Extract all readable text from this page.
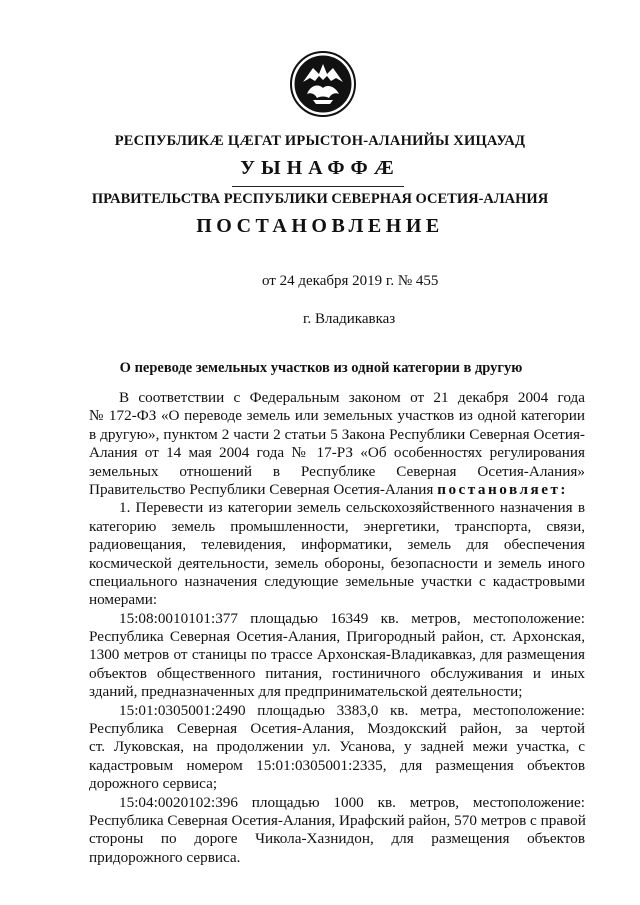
РЕСПУБЛИКÆ ЦÆГАТ ИРЫСТОН-АЛАНИЙЫ ХИЦАУАД
УЫНАФФÆ
ПРАВИТЕЛЬСТВА РЕСПУБЛИКИ СЕВЕРНАЯ ОСЕТИЯ-АЛАНИЯ
ПОСТАНОВЛЕНИЕ
от 24 декабря 2019 г. № 455
г. Владикавказ
О переводе земельных участков из одной категории в другую
В соответствии с Федеральным законом от 21 декабря 2004 года
№ 172-ФЗ «О переводе земель или земельных участков из одной категории
в другую», пунктом 2 части 2 статьи 5 Закона Республики Северная Осетия-
Алания от 14 мая 2004 года № 17-РЗ «Об особенностях регулирования
земельных отношений в Республике Северная Осетия-Алания»
Правительство Республики Северная Осетия-Алания постановляет:
1. Перевести из категории земель сельскохозяйственного назначения в
категорию земель промышленности, энергетики, транспорта, связи,
радиовещания, телевидения, информатики, земель для обеспечения
космической деятельности, земель обороны, безопасности и земель иного
специального назначения следующие земельные участки с кадастровыми
номерами:
15:08:0010101:377 площадью 16349 кв. метров, местоположение:
Республика Северная Осетия-Алания, Пригородный район, ст. Архонская,
1300 метров от станицы по трассе Архонская-Владикавказ, для размещения
объектов общественного питания, гостиничного обслуживания и иных
зданий, предназначенных для предпринимательской деятельности;
15:01:0305001:2490 площадью 3383,0 кв. метра, местоположение:
Республика Северная Осетия-Алания, Моздокский район, за чертой
ст. Луковская, на продолжении ул. Усанова, у задней межи участка, с
кадастровым номером 15:01:0305001:2335, для размещения объектов
дорожного сервиса;
15:04:0020102:396 площадью 1000 кв. метров, местоположение:
Республика Северная Осетия-Алания, Ирафский район, 570 метров с правой
стороны по дороге Чикола-Хазнидон, для размещения объектов
придорожного сервиса.
